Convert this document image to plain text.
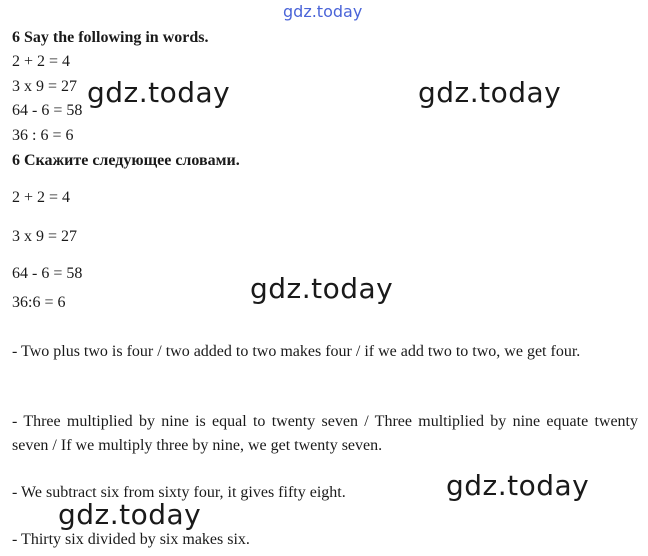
gdz.today
6 Say the following in words.
2 + 2 = 4
3 x 9 = 27
64 - 6 = 58
36 : 6 = 6
6 Скажите следующее словами.
2 + 2 = 4
3 x 9 = 27
64 - 6 = 58
36:6 = 6
- Two plus two is four / two added to two makes four / if we add two to two, we get four.
- Three multiplied by nine is equal to twenty seven / Three multiplied by nine equate twenty seven / If we multiply three by nine, we get twenty seven.
- We subtract six from sixty four, it gives fifty eight.
- Thirty six divided by six makes six.
gdz.today	gdz.today
gdz.today
gdz.today
gdz.today
